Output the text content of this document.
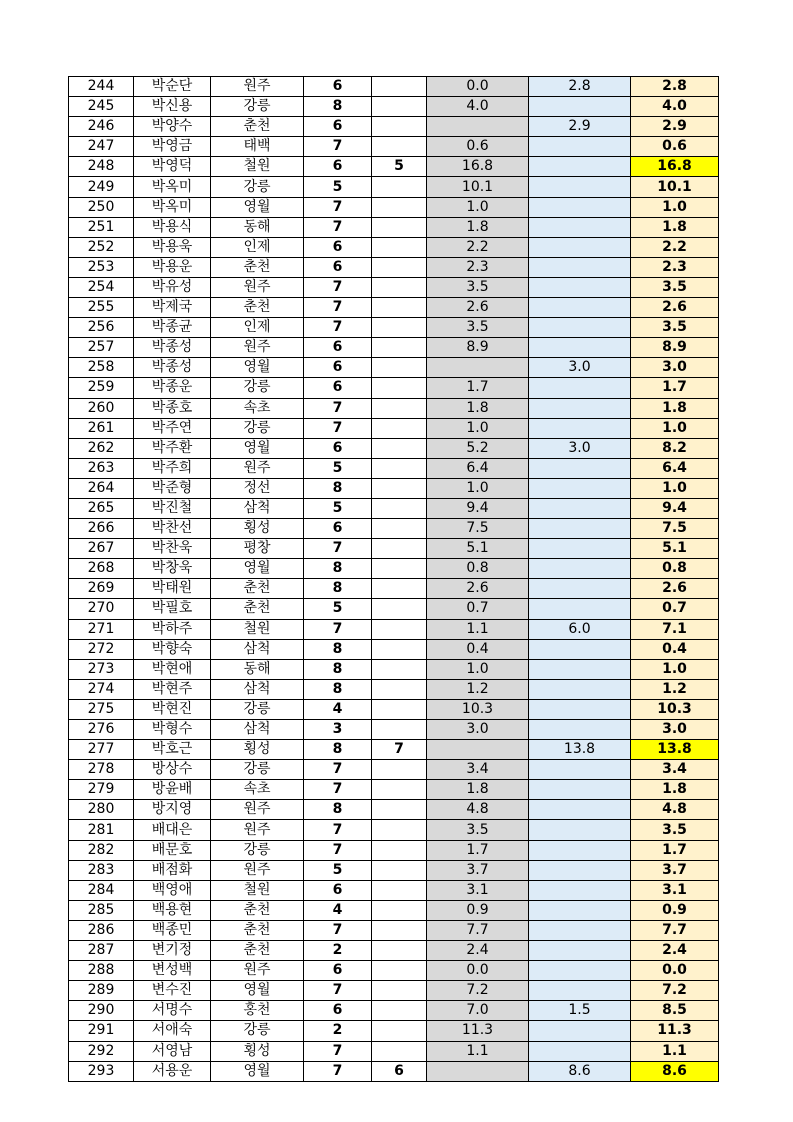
244	박순단	원주	6		0.0	2.8	2.8
245	박신용	강릉	8		4.0		4.0
246	박양수	춘천	6			2.9	2.9
247	박영금	태백	7		0.6		0.6
248	박영덕	철원	6	5	16.8		16.8
249	박옥미	강릉	5		10.1		10.1
250	박옥미	영월	7		1.0		1.0
251	박용식	동해	7		1.8		1.8
252	박용욱	인제	6		2.2		2.2
253	박용운	춘천	6		2.3		2.3
254	박유성	원주	7		3.5		3.5
255	박제국	춘천	7		2.6		2.6
256	박종균	인제	7		3.5		3.5
257	박종성	원주	6		8.9		8.9
258	박종성	영월	6			3.0	3.0
259	박종운	강릉	6		1.7		1.7
260	박종호	속초	7		1.8		1.8
261	박주연	강릉	7		1.0		1.0
262	박주환	영월	6		5.2	3.0	8.2
263	박주희	원주	5		6.4		6.4
264	박준형	정선	8		1.0		1.0
265	박진철	삼척	5		9.4		9.4
266	박찬선	횡성	6		7.5		7.5
267	박찬욱	평창	7		5.1		5.1
268	박창욱	영월	8		0.8		0.8
269	박태원	춘천	8		2.6		2.6
270	박필호	춘천	5		0.7		0.7
271	박하주	철원	7		1.1	6.0	7.1
272	박향숙	삼척	8		0.4		0.4
273	박현애	동해	8		1.0		1.0
274	박현주	삼척	8		1.2		1.2
275	박현진	강릉	4		10.3		10.3
276	박형수	삼척	3		3.0		3.0
277	박호근	횡성	8	7		13.8	13.8
278	방상수	강릉	7		3.4		3.4
279	방윤배	속초	7		1.8		1.8
280	방지영	원주	8		4.8		4.8
281	배대은	원주	7		3.5		3.5
282	배문호	강릉	7		1.7		1.7
283	배점화	원주	5		3.7		3.7
284	백영애	철원	6		3.1		3.1
285	백용현	춘천	4		0.9		0.9
286	백종민	춘천	7		7.7		7.7
287	변기정	춘천	2		2.4		2.4
288	변성백	원주	6		0.0		0.0
289	변수진	영월	7		7.2		7.2
290	서명수	홍천	6		7.0	1.5	8.5
291	서애숙	강릉	2		11.3		11.3
292	서영남	횡성	7		1.1		1.1
293	서용운	영월	7	6		8.6	8.6
